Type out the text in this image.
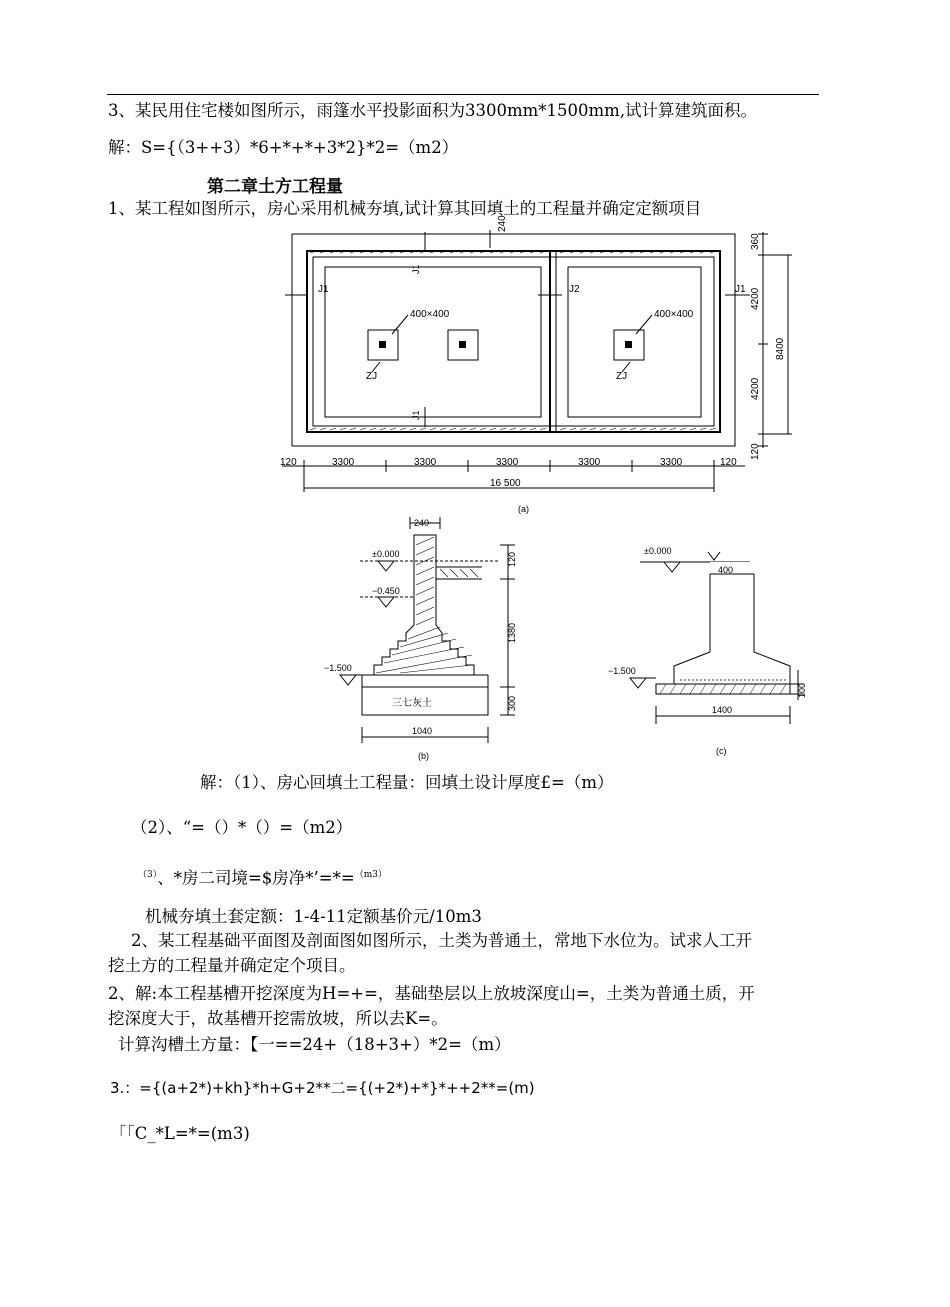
3、某民用住宅楼如图所示，雨篷水平投影面积为3300mm*1500mm,试计算建筑面积。
解：S={（3++3）*6+*+*+3*2}*2=（m2）
第二章土方工程量
1、某工程如图所示，房心采用机械夯填,试计算其回填土的工程量并确定定额项目
J1
J1
J2	J1
J1
400×400	400×400
ZJ	ZJ
240
360
4200
4200
120
8400
120	3300	3300	3300	3300	3300	120
16 500
(a)
240
±0.000
−0.450
−1.500
120
1380
300
三七灰土
1040
(b)
±0.000
400
−1.500
100
1400
(c)
解：（1）、房心回填土工程量：回填土设计厚度£=（m）
（2）、“=（）*（）=（m2）
$^{(3)}$、*房二司境=$房净*’=*=$^{(m3)}$
机械夯填土套定额：1-4-11定额基价元/10m3
2、某工程基础平面图及剖面图如图所示，土类为普通土，常地下水位为。试求人工开
挖土方的工程量并确定定个项目。
2、解:本工程基槽开挖深度为H=+=，基础垫层以上放坡深度山=，土类为普通土质，开
挖深度大于，故基槽开挖需放坡，所以去K=。
计算沟槽土方量：【一==24+（18+3+）*2=（m）
3.：={(a+2*)+kh}*h+G+2**二={(+2*)+*}*++2**=(m)
「「C_*L=*=(m3)
